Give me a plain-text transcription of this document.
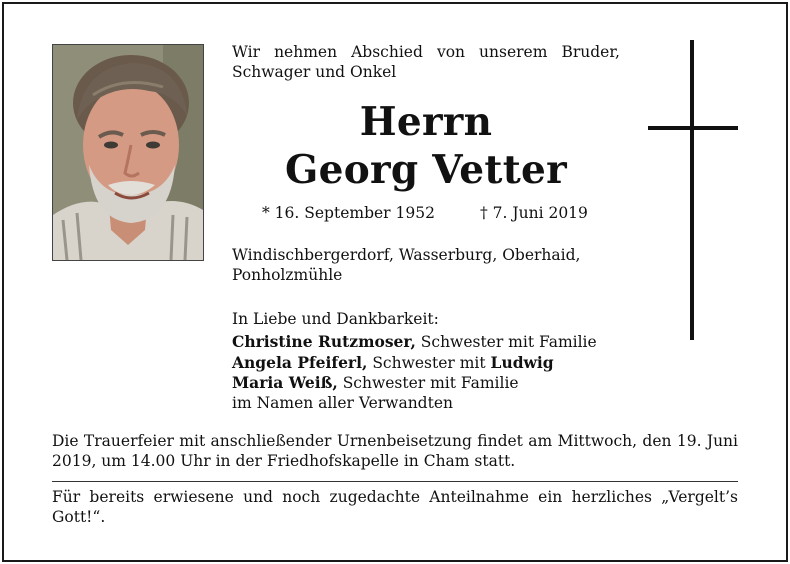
Wir nehmen Abschied von unserem Bruder, Schwager und Onkel
Herrn
Georg Vetter
* 16. September 1952	† 7. Juni 2019
Windischbergerdorf, Wasserburg, Oberhaid, Ponholzmühle
In Liebe und Dankbarkeit:
Christine Rutzmoser, Schwester mit Familie
Angela Pfeiferl, Schwester mit Ludwig
Maria Weiß, Schwester mit Familie
im Namen aller Verwandten
Die Trauerfeier mit anschließender Urnenbeisetzung findet am Mittwoch, den 19. Juni 2019, um 14.00 Uhr in der Friedhofskapelle in Cham statt.
Für bereits erwiesene und noch zugedachte Anteilnahme ein herzliches „Vergelt’s Gott!“.
